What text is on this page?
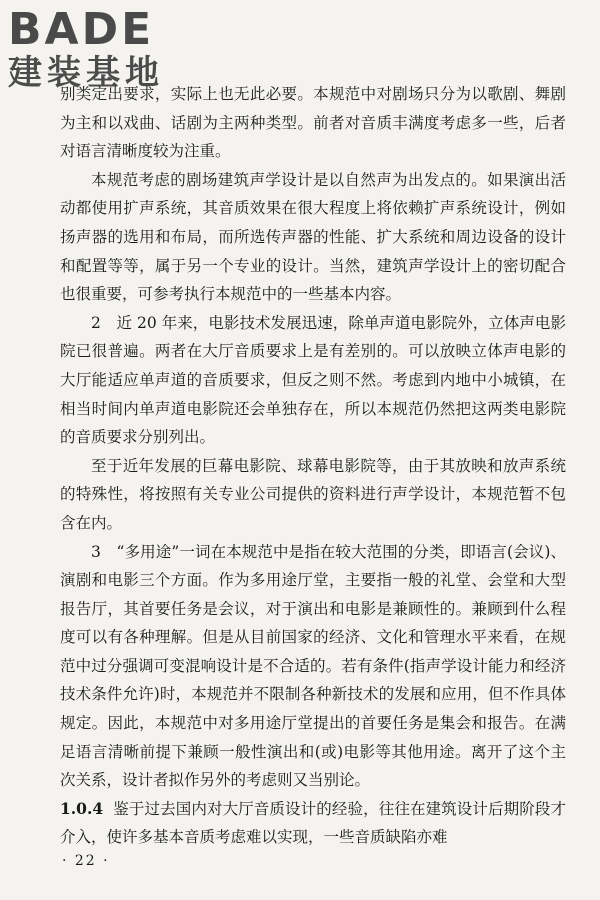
BADE
建装基地

别类定出要求，实际上也无此必要。本规范中对剧场只分为以歌剧、舞剧为主和以戏曲、话剧为主两种类型。前者对音质丰满度考虑多一些，后者对语言清晰度较为注重。

本规范考虑的剧场建筑声学设计是以自然声为出发点的。如果演出活动都使用扩声系统，其音质效果在很大程度上将依赖扩声系统设计，例如扬声器的选用和布局，而所选传声器的性能、扩大系统和周边设备的设计和配置等等，属于另一个专业的设计。当然，建筑声学设计上的密切配合也很重要，可参考执行本规范中的一些基本内容。

2　近 20 年来，电影技术发展迅速，除单声道电影院外，立体声电影院已很普遍。两者在大厅音质要求上是有差别的。可以放映立体声电影的大厅能适应单声道的音质要求，但反之则不然。考虑到内地中小城镇，在相当时间内单声道电影院还会单独存在，所以本规范仍然把这两类电影院的音质要求分别列出。

至于近年发展的巨幕电影院、球幕电影院等，由于其放映和放声系统的特殊性，将按照有关专业公司提供的资料进行声学设计，本规范暂不包含在内。

3　“多用途”一词在本规范中是指在较大范围的分类，即语言(会议)、演剧和电影三个方面。作为多用途厅堂，主要指一般的礼堂、会堂和大型报告厅，其首要任务是会议，对于演出和电影是兼顾性的。兼顾到什么程度可以有各种理解。但是从目前国家的经济、文化和管理水平来看，在规范中过分强调可变混响设计是不合适的。若有条件(指声学设计能力和经济技术条件允许)时，本规范并不限制各种新技术的发展和应用，但不作具体规定。因此，本规范中对多用途厅堂提出的首要任务是集会和报告。在满足语言清晰前提下兼顾一般性演出和(或)电影等其他用途。离开了这个主次关系，设计者拟作另外的考虑则又当别论。

1.0.4 鉴于过去国内对大厅音质设计的经验，往往在建筑设计后期阶段才介入，使许多基本音质考虑难以实现，一些音质缺陷亦难

· 22 ·
